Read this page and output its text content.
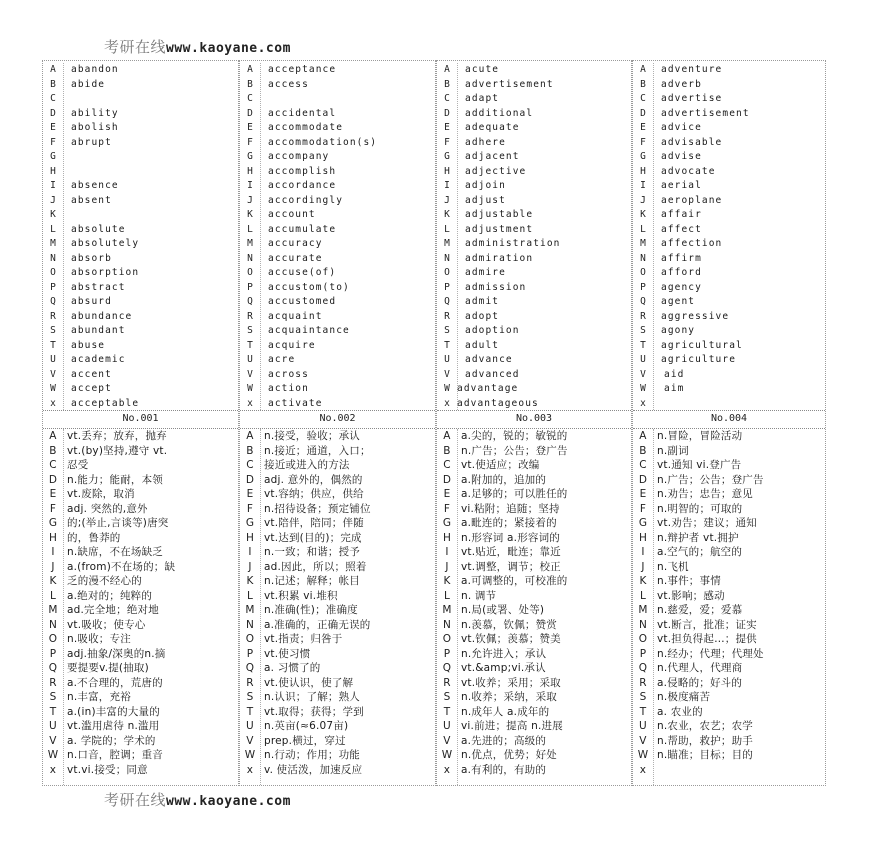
考研在线www.kaoyane.com
A
B
C
D
E
F
G
H
I
J
K
L
M
N
O
P
Q
R
S
T
U
V
W
x
abandon
abide
ability
abolish
abrupt
absence
absent
absolute
absolutely
absorb
absorption
abstract
absurd
abundance
abundant
abuse
academic
accent
accept
acceptable
No.001
A
B
C
D
E
F
G
H
I
J
K
L
M
N
O
P
Q
R
S
T
U
V
W
x
vt.丢弃；放弃，抛弃
vt.(by)坚持,遵守 vt.
忍受
n.能力；能耐，本领
vt.废除，取消
adj. 突然的,意外
的;(举止,言谈等)唐突
的，鲁莽的
n.缺席，不在场缺乏
a.(from)不在场的；缺
乏的漫不经心的
a.绝对的；纯粹的
ad.完全地；绝对地
vt.吸收；使专心
n.吸收；专注
adj.抽象/深奥的n.摘
要提要v.提(抽取)
a.不合理的，荒唐的
n.丰富，充裕
a.(in)丰富的大量的
vt.滥用虐待 n.滥用
a. 学院的；学术的
n.口音，腔调；重音
vt.vi.接受；同意
A
B
C
D
E
F
G
H
I
J
K
L
M
N
O
P
Q
R
S
T
U
V
W
x
acceptance
access
accidental
accommodate
accommodation(s)
accompany
accomplish
accordance
accordingly
account
accumulate
accuracy
accurate
accuse(of)
accustom(to)
accustomed
acquaint
acquaintance
acquire
acre
across
action
activate
No.002
A
B
C
D
E
F
G
H
I
J
K
L
M
N
O
P
Q
R
S
T
U
V
W
x
n.接受，验收；承认
n.接近；通道，入口；
接近或进入的方法
adj. 意外的，偶然的
vt.容纳；供应，供给
n.招待设备；预定铺位
vt.陪伴，陪同；伴随
vt.达到(目的)；完成
n.一致；和谐；授予
ad.因此，所以；照着
n.记述；解释；帐目
vt.积累 vi.堆积
n.准确(性)；准确度
a.准确的，正确无误的
vt.指责；归咎于
vt.使习惯
a. 习惯了的
vt.使认识，使了解
n.认识；了解；熟人
vt.取得；获得；学到
n.英亩(≈6.07亩)
prep.横过，穿过
n.行动；作用；功能
v. 使活泼，加速反应
A
B
C
D
E
F
G
H
I
J
K
L
M
N
O
P
Q
R
S
T
U
V
W
x
acute
advertisement
adapt
additional
adequate
adhere
adjacent
adjective
adjoin
adjust
adjustable
adjustment
administration
admiration
admire
admission
admit
adopt
adoption
adult
advance
advanced
advantage
advantageous
No.003
A
B
C
D
E
F
G
H
I
J
K
L
M
N
O
P
Q
R
S
T
U
V
W
x
a.尖的，锐的；敏锐的
n.广告；公告；登广告
vt.使适应；改编
a.附加的，追加的
a.足够的；可以胜任的
vi.粘附；追随；坚持
a.毗连的；紧接着的
n.形容词 a.形容词的
vt.贴近，毗连；靠近
vt.调整，调节；校正
a.可调整的，可校准的
n. 调节
n.局(或署、处等)
n.羡慕，钦佩；赞赏
vt.钦佩；羡慕；赞美
n.允许进入；承认
vt.&amp;vi.承认
vt.收养；采用；采取
n.收养；采纳，采取
n.成年人 a.成年的
vi.前进；提高 n.进展
a.先进的；高级的
n.优点，优势；好处
a.有利的，有助的
A
B
C
D
E
F
G
H
I
J
K
L
M
N
O
P
Q
R
S
T
U
V
W
x
adventure
adverb
advertise
advertisement
advice
advisable
advise
advocate
aerial
aeroplane
affair
affect
affection
affirm
afford
agency
agent
aggressive
agony
agricultural
agriculture
aid
aim
No.004
A
B
C
D
E
F
G
H
I
J
K
L
M
N
O
P
Q
R
S
T
U
V
W
x
n.冒险，冒险活动
n.副词
vt.通知 vi.登广告
n.广告；公告；登广告
n.劝告；忠告；意见
n.明智的；可取的
vt.劝告；建议；通知
n.辩护者 vt.拥护
a.空气的；航空的
n.飞机
n.事件；事情
vt.影响；感动
n.慈爱，爱；爱慕
vt.断言，批准；证实
vt.担负得起…；提供
n.经办；代理；代理处
n.代理人，代理商
a.侵略的；好斗的
n.极度痛苦
a. 农业的
n.农业，农艺；农学
n.帮助，救护；助手
n.瞄准；目标；目的
考研在线www.kaoyane.com
